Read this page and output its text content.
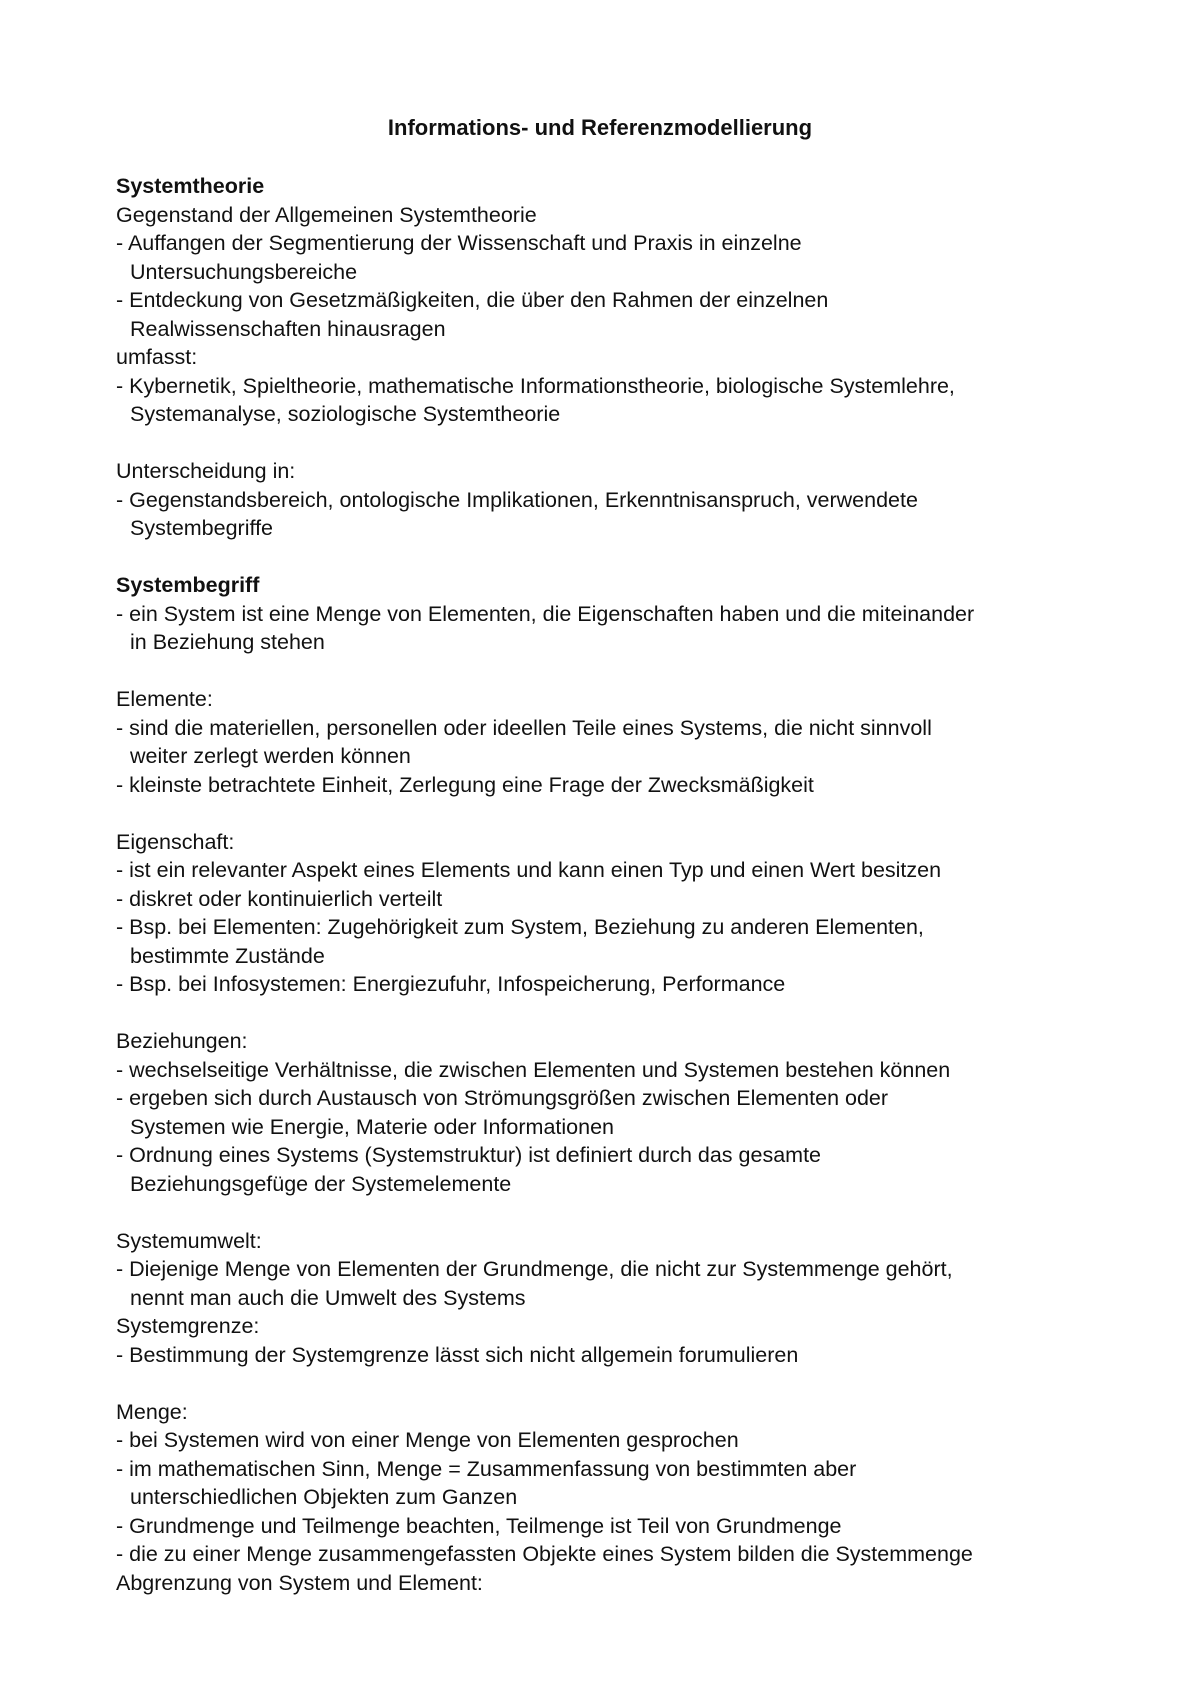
Informations- und Referenzmodellierung
Systemtheorie
Gegenstand der Allgemeinen Systemtheorie
- Auffangen der Segmentierung der Wissenschaft und Praxis in einzelne
Untersuchungsbereiche
- Entdeckung von Gesetzmäßigkeiten, die über den Rahmen der einzelnen
Realwissenschaften hinausragen
umfasst:
- Kybernetik, Spieltheorie, mathematische Informationstheorie, biologische Systemlehre,
Systemanalyse, soziologische Systemtheorie
Unterscheidung in:
- Gegenstandsbereich, ontologische Implikationen, Erkenntnisanspruch, verwendete
Systembegriffe
Systembegriff
- ein System ist eine Menge von Elementen, die Eigenschaften haben und die miteinander
in Beziehung stehen
Elemente:
- sind die materiellen, personellen oder ideellen Teile eines Systems, die nicht sinnvoll
weiter zerlegt werden können
- kleinste betrachtete Einheit, Zerlegung eine Frage der Zwecksmäßigkeit
Eigenschaft:
- ist ein relevanter Aspekt eines Elements und kann einen Typ und einen Wert besitzen
- diskret oder kontinuierlich verteilt
- Bsp. bei Elementen: Zugehörigkeit zum System, Beziehung zu anderen Elementen,
bestimmte Zustände
- Bsp. bei Infosystemen: Energiezufuhr, Infospeicherung, Performance
Beziehungen:
- wechselseitige Verhältnisse, die zwischen Elementen und Systemen bestehen können
- ergeben sich durch Austausch von Strömungsgrößen zwischen Elementen oder
Systemen wie Energie, Materie oder Informationen
- Ordnung eines Systems (Systemstruktur) ist definiert durch das gesamte
Beziehungsgefüge der Systemelemente
Systemumwelt:
- Diejenige Menge von Elementen der Grundmenge, die nicht zur Systemmenge gehört,
nennt man auch die Umwelt des Systems
Systemgrenze:
- Bestimmung der Systemgrenze lässt sich nicht allgemein forumulieren
Menge:
- bei Systemen wird von einer Menge von Elementen gesprochen
- im mathematischen Sinn, Menge = Zusammenfassung von bestimmten aber
unterschiedlichen Objekten zum Ganzen
- Grundmenge und Teilmenge beachten, Teilmenge ist Teil von Grundmenge
- die zu einer Menge zusammengefassten Objekte eines System bilden die Systemmenge
Abgrenzung von System und Element:
